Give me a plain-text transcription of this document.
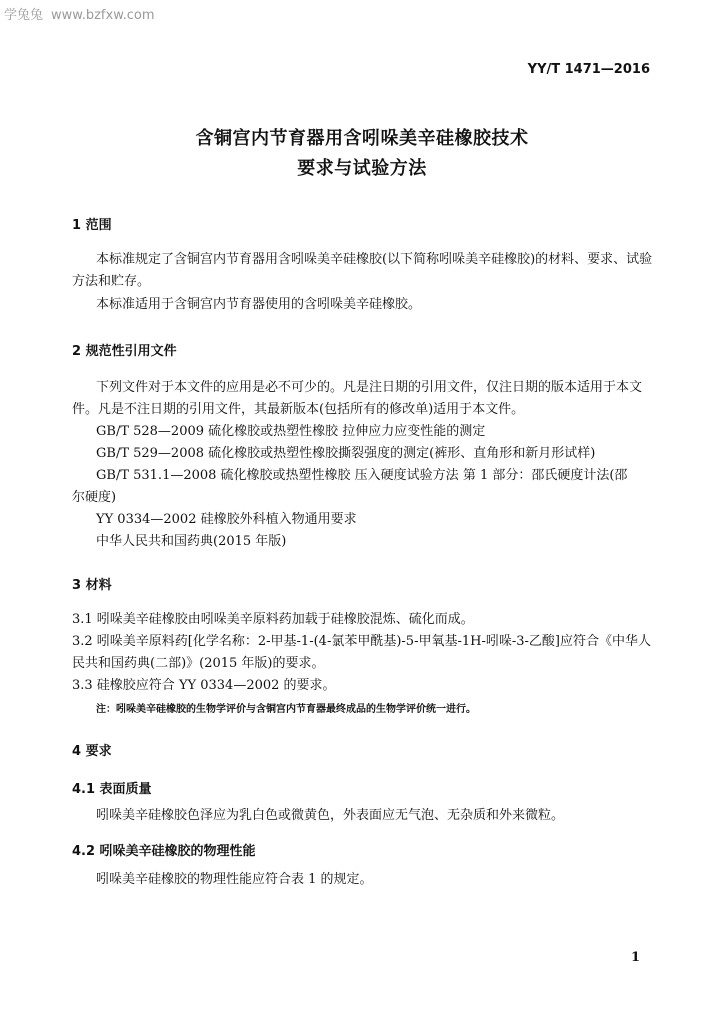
学兔兔 www.bzfxw.com
YY/T 1471—2016
含铜宫内节育器用含吲哚美辛硅橡胶技术
要求与试验方法
1 范围
本标准规定了含铜宫内节育器用含吲哚美辛硅橡胶(以下简称吲哚美辛硅橡胶)的材料、要求、试验
方法和贮存。
本标准适用于含铜宫内节育器使用的含吲哚美辛硅橡胶。
2 规范性引用文件
下列文件对于本文件的应用是必不可少的。凡是注日期的引用文件，仅注日期的版本适用于本文
件。凡是不注日期的引用文件，其最新版本(包括所有的修改单)适用于本文件。
GB/T 528—2009 硫化橡胶或热塑性橡胶 拉伸应力应变性能的测定
GB/T 529—2008 硫化橡胶或热塑性橡胶撕裂强度的测定(裤形、直角形和新月形试样)
GB/T 531.1—2008 硫化橡胶或热塑性橡胶 压入硬度试验方法 第 1 部分：邵氏硬度计法(邵
尔硬度)
YY 0334—2002 硅橡胶外科植入物通用要求
中华人民共和国药典(2015 年版)
3 材料
3.1 吲哚美辛硅橡胶由吲哚美辛原料药加载于硅橡胶混炼、硫化而成。
3.2 吲哚美辛原料药[化学名称：2-甲基-1-(4-氯苯甲酰基)-5-甲氧基-1H-吲哚-3-乙酸]应符合《中华人
民共和国药典(二部)》(2015 年版)的要求。
3.3 硅橡胶应符合 YY 0334—2002 的要求。
注：吲哚美辛硅橡胶的生物学评价与含铜宫内节育器最终成品的生物学评价统一进行。
4 要求
4.1 表面质量
吲哚美辛硅橡胶色泽应为乳白色或微黄色，外表面应无气泡、无杂质和外来微粒。
4.2 吲哚美辛硅橡胶的物理性能
吲哚美辛硅橡胶的物理性能应符合表 1 的规定。
1
